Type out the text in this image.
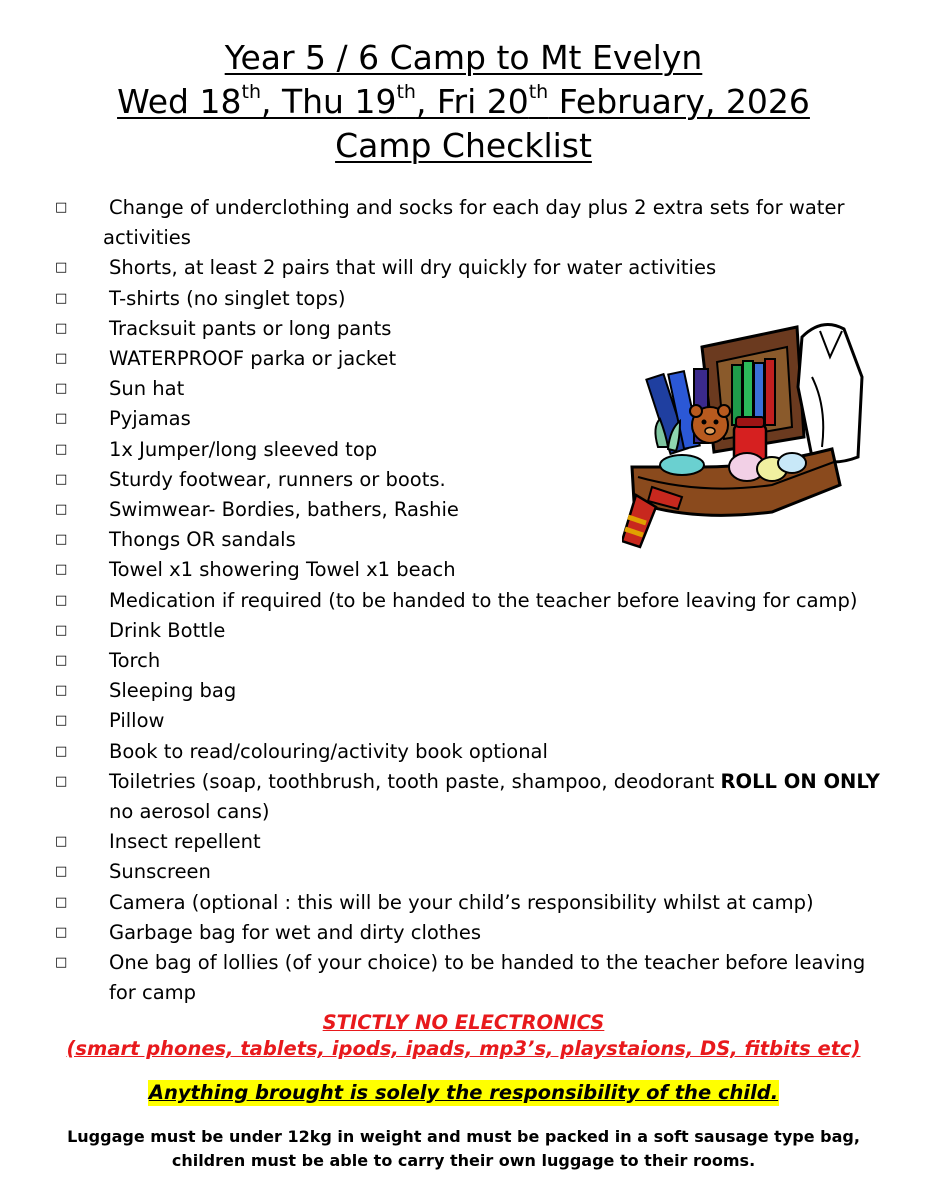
Year 5 / 6 Camp to Mt Evelyn
Wed 18th, Thu 19th, Fri 20th February, 2026
Camp Checklist
□ Change of underclothing and socks for each day plus 2 extra sets for water
activities
□ Shorts, at least 2 pairs that will dry quickly for water activities
□ T-shirts (no singlet tops)
□ Tracksuit pants or long pants
□ WATERPROOF parka or jacket
□ Sun hat
□ Pyjamas
□ 1x Jumper/long sleeved top
□ Sturdy footwear, runners or boots.
□ Swimwear- Bordies, bathers, Rashie
□ Thongs OR sandals
□ Towel x1 showering Towel x1 beach
□ Medication if required (to be handed to the teacher before leaving for camp)
□ Drink Bottle
□ Torch
□ Sleeping bag
□ Pillow
□ Book to read/colouring/activity book optional
□ Toiletries (soap, toothbrush, tooth paste, shampoo, deodorant ROLL ON ONLY
no aerosol cans)
□ Insect repellent
□ Sunscreen
□ Camera (optional : this will be your child’s responsibility whilst at camp)
□ Garbage bag for wet and dirty clothes
□ One bag of lollies (of your choice) to be handed to the teacher before leaving for camp
STICTLY NO ELECTRONICS
(smart phones, tablets, ipods, ipads, mp3’s, playstaions, DS, fitbits etc)
Anything brought is solely the responsibility of the child.
Luggage must be under 12kg in weight and must be packed in a soft sausage type bag,
children must be able to carry their own luggage to their rooms.
